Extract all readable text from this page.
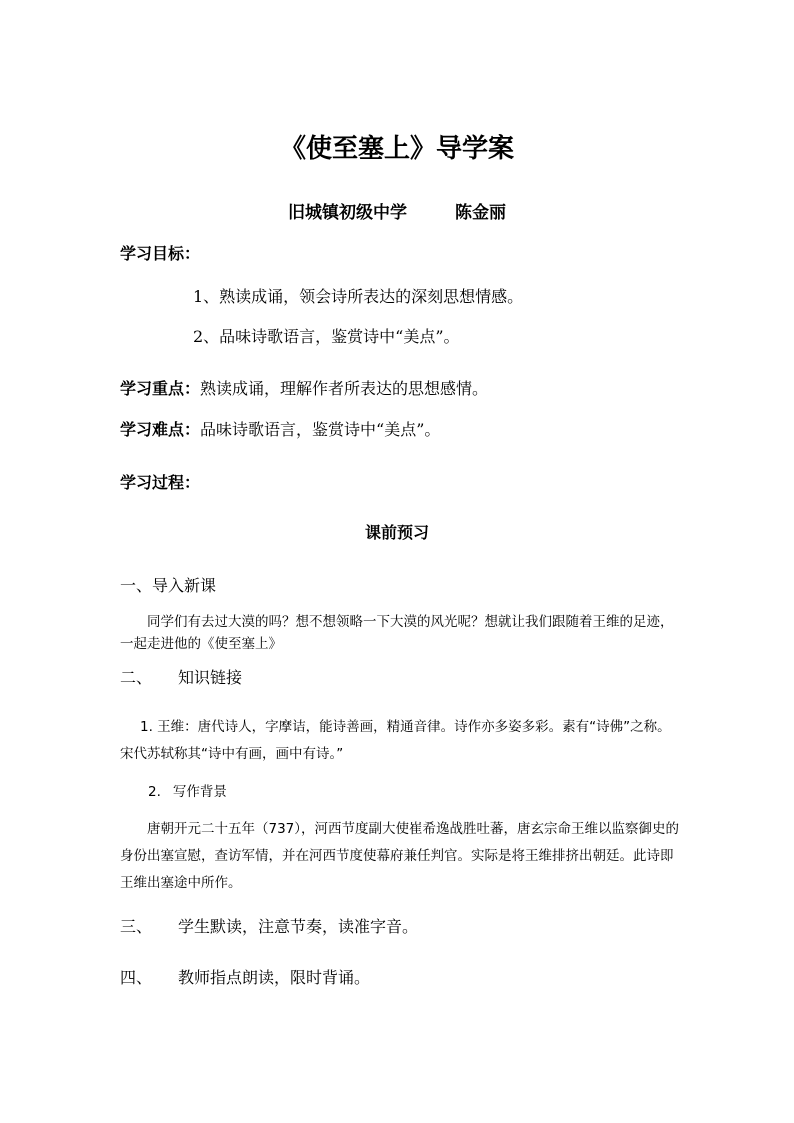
《使至塞上》导学案
旧城镇初级中学	陈金丽
学习目标：
1、熟读成诵，领会诗所表达的深刻思想情感。
2、品味诗歌语言，鉴赏诗中“美点”。
学习重点：熟读成诵，理解作者所表达的思想感情。
学习难点：品味诗歌语言，鉴赏诗中“美点”。
学习过程：
课前预习
一、导入新课
同学们有去过大漠的吗？想不想领略一下大漠的风光呢？想就让我们跟随着王维的足迹，一起走进他的《使至塞上》
二、 知识链接
1. 王维：唐代诗人，字摩诘，能诗善画，精通音律。诗作亦多姿多彩。素有“诗佛”之称。宋代苏轼称其“诗中有画，画中有诗。”
2. 写作背景
唐朝开元二十五年（737），河西节度副大使崔希逸战胜吐蕃，唐玄宗命王维以监察御史的身份出塞宣慰，查访军情，并在河西节度使幕府兼任判官。实际是将王维排挤出朝廷。此诗即王维出塞途中所作。
三、 学生默读，注意节奏，读准字音。
四、 教师指点朗读，限时背诵。
